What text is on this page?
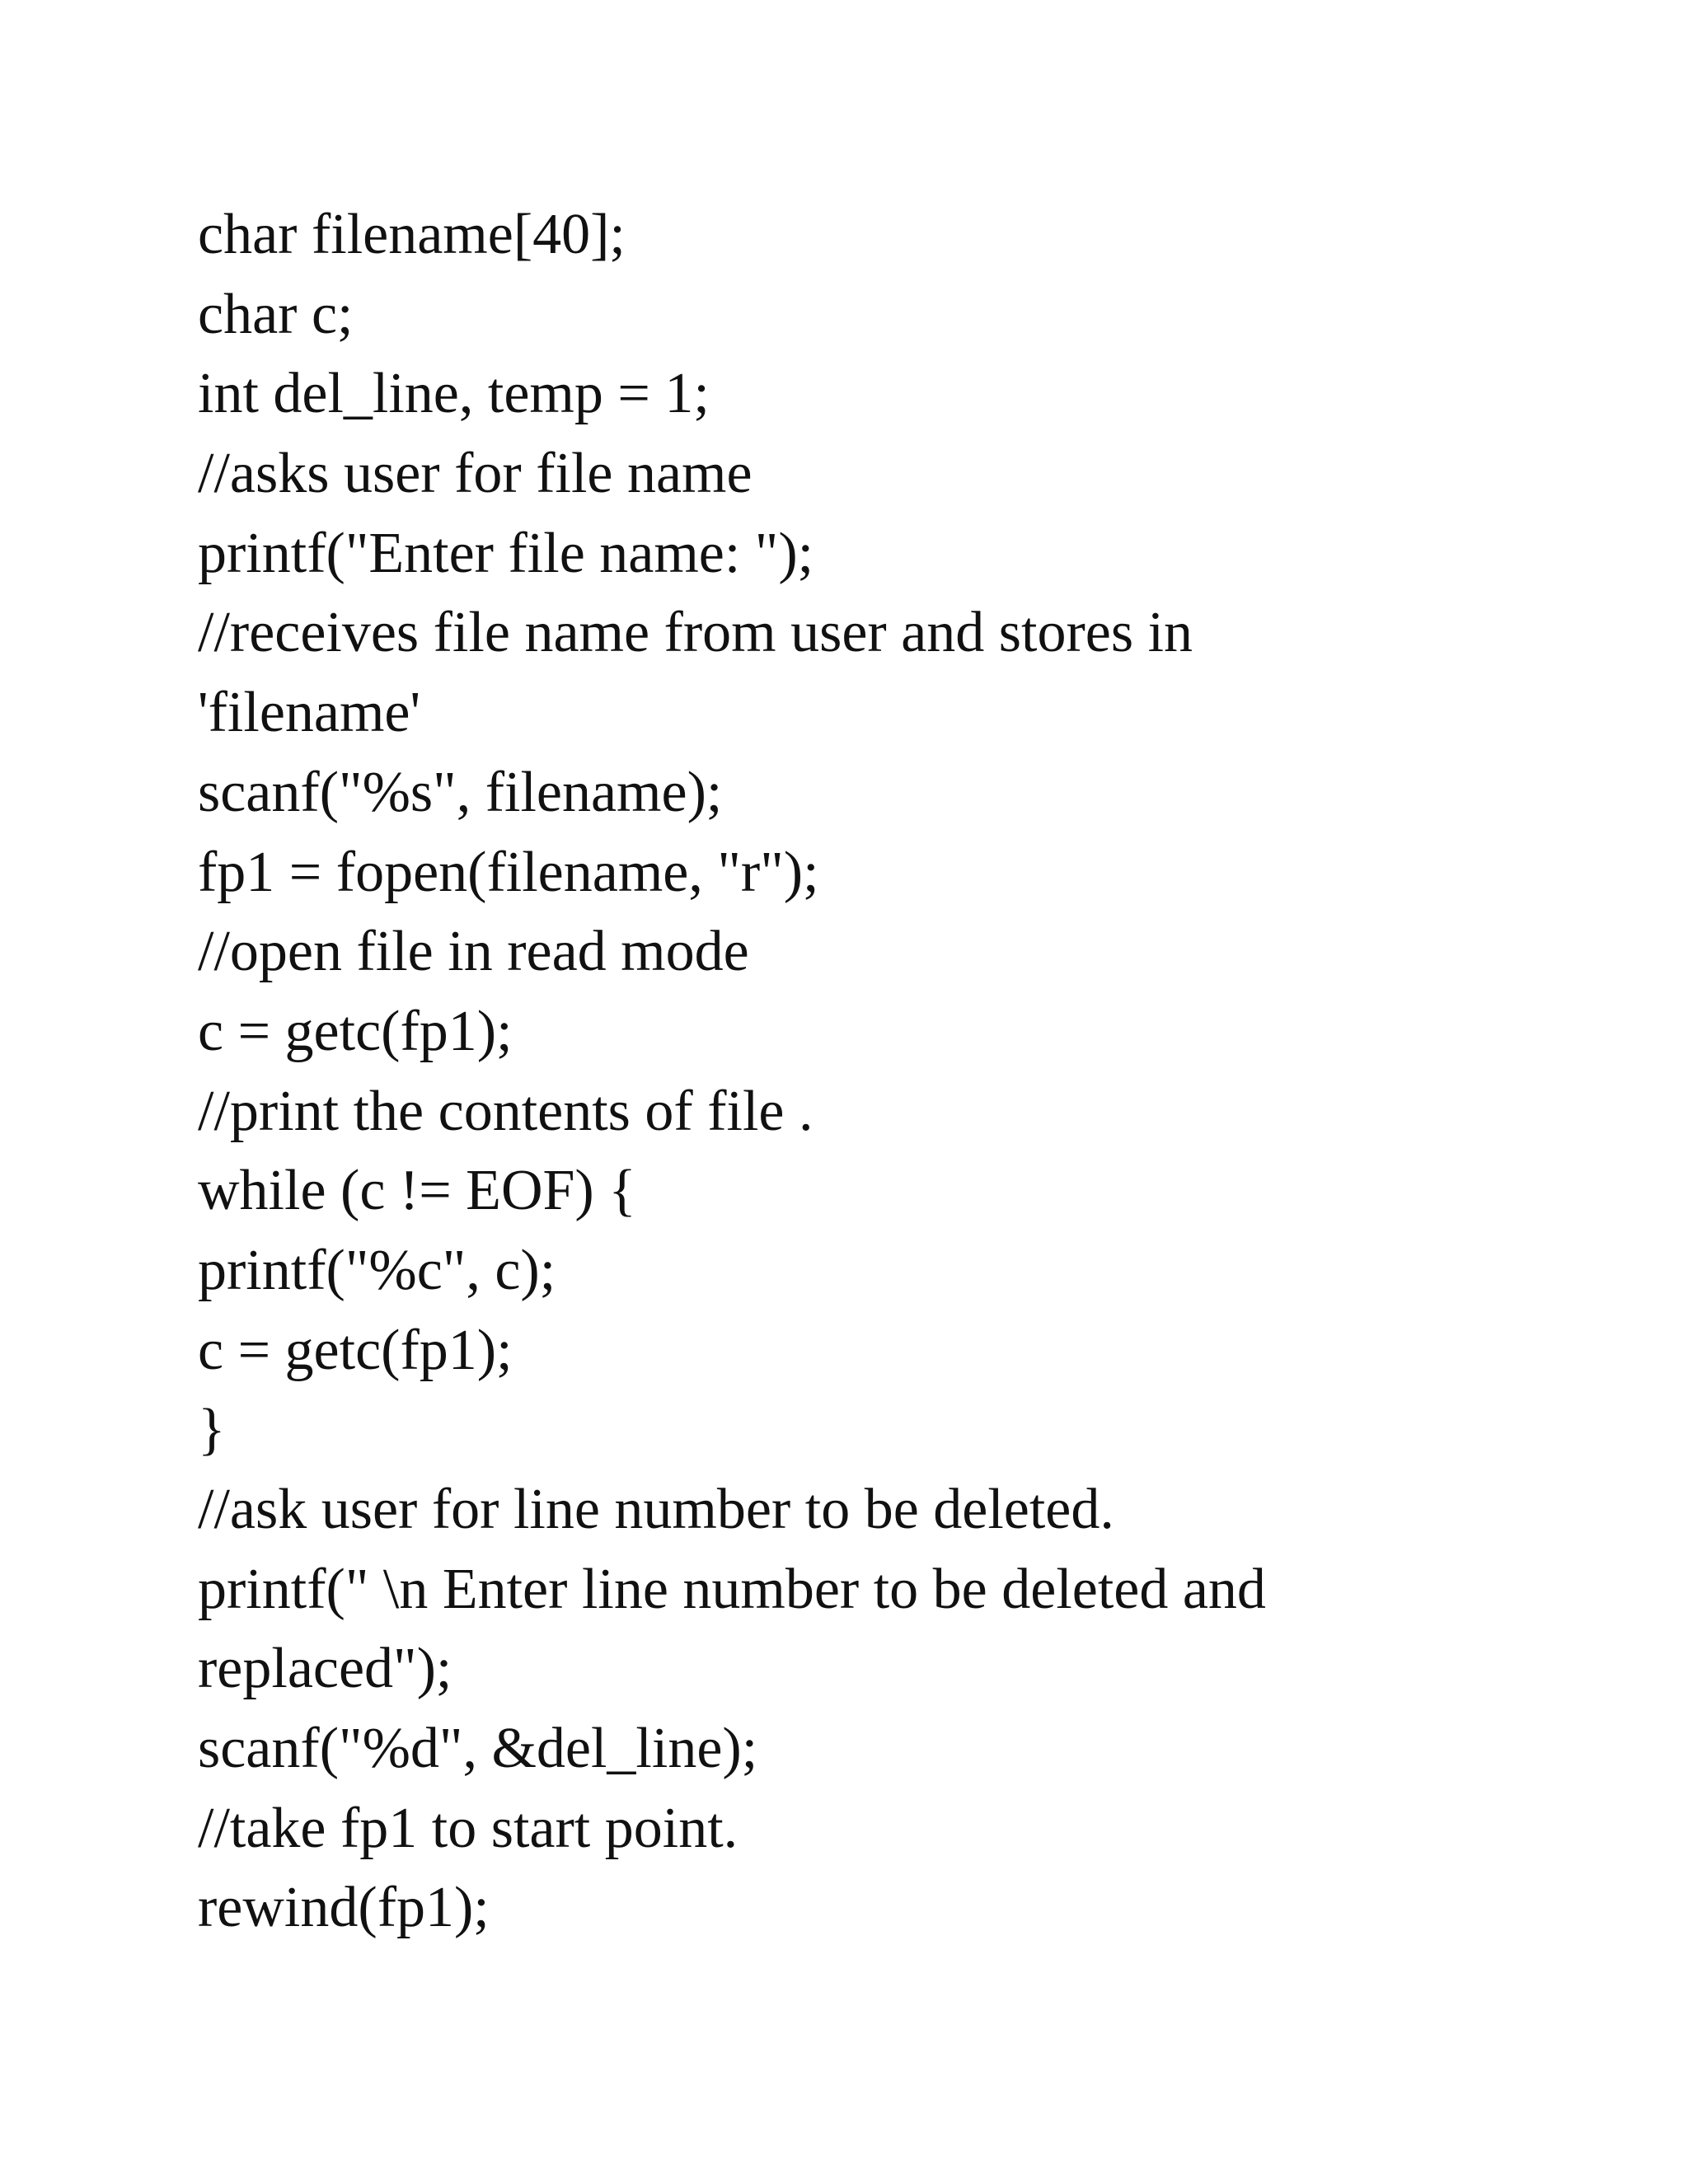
char filename[40];
char c;
int del_line, temp = 1;
//asks user for file name
printf("Enter file name: ");
//receives file name from user and stores in
'filename'
scanf("%s", filename);
fp1 = fopen(filename, "r");
//open file in read mode
c = getc(fp1);
//print the contents of file .
while (c != EOF) {
printf("%c", c);
c = getc(fp1);
}
//ask user for line number to be deleted.
printf(" \n Enter line number to be deleted and
replaced");
scanf("%d", &del_line);
//take fp1 to start point.
rewind(fp1);
